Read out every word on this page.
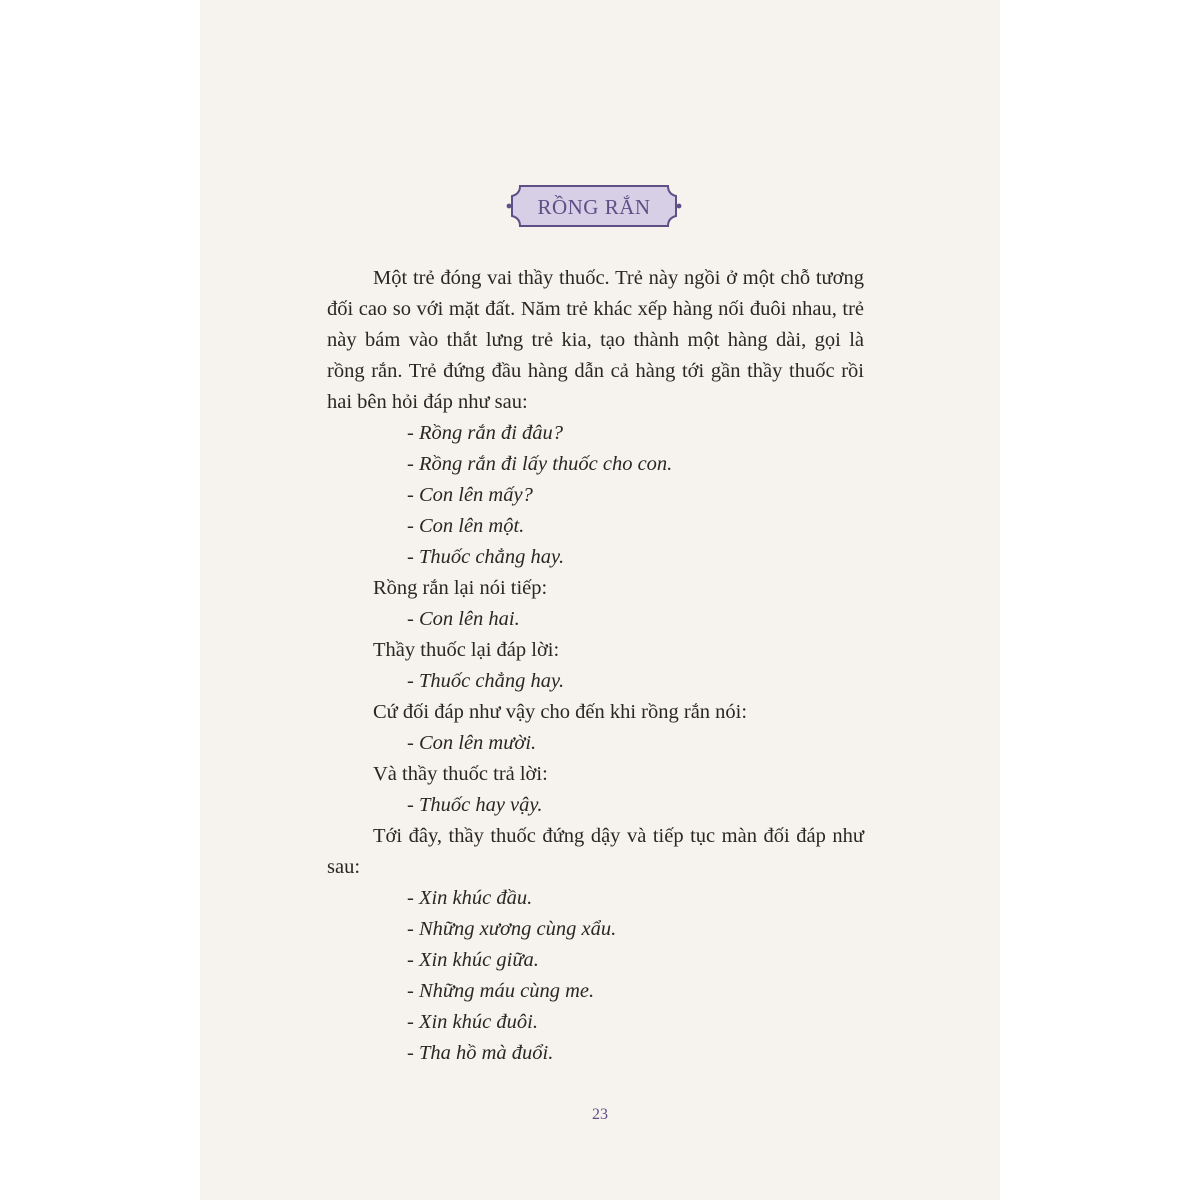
RỒNG RẮN

Một trẻ đóng vai thầy thuốc. Trẻ này ngồi ở một chỗ tương đối cao so với mặt đất. Năm trẻ khác xếp hàng nối đuôi nhau, trẻ này bám vào thắt lưng trẻ kia, tạo thành một hàng dài, gọi là rồng rắn. Trẻ đứng đầu hàng dẫn cả hàng tới gần thầy thuốc rồi hai bên hỏi đáp như sau:

- Rồng rắn đi đâu?

- Rồng rắn đi lấy thuốc cho con.

- Con lên mấy?

- Con lên một.

- Thuốc chẳng hay.

Rồng rắn lại nói tiếp:

- Con lên hai.

Thầy thuốc lại đáp lời:

- Thuốc chẳng hay.

Cứ đối đáp như vậy cho đến khi rồng rắn nói:

- Con lên mười.

Và thầy thuốc trả lời:

- Thuốc hay vậy.

Tới đây, thầy thuốc đứng dậy và tiếp tục màn đối đáp như sau:

- Xin khúc đầu.

- Những xương cùng xẩu.

- Xin khúc giữa.

- Những máu cùng me.

- Xin khúc đuôi.

- Tha hồ mà đuổi.

23
